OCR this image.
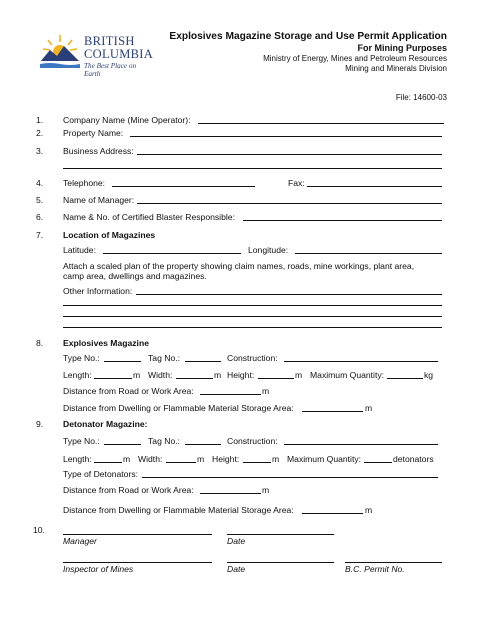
BRITISH
COLUMBIA
The Best Place on Earth
Explosives Magazine Storage and Use Permit Application
For Mining Purposes
Ministry of Energy, Mines and Petroleum Resources
Mining and Minerals Division
File: 14600-03
1. Company Name (Mine Operator):
2. Property Name:
3. Business Address:
4. Telephone:	Fax:
5. Name of Manager:
6. Name & No. of Certified Blaster Responsible:
7. Location of Magazines
Latitude:	Longitude:
Attach a scaled plan of the property showing claim names, roads, mine workings, plant area,
camp area, dwellings and magazines.
Other Information:
8. Explosives Magazine
Type No.:	Tag No.:	Construction:
Length:	m Width:	m Height:	m Maximum Quantity:	kg
Distance from Road or Work Area:	m
Distance from Dwelling or Flammable Material Storage Area:	m
9. Detonator Magazine:
Type No.:	Tag No.:	Construction:
Length:	m Width:	m Height:	m Maximum Quantity:	detonators
Type of Detonators:
Distance from Road or Work Area:	m
Distance from Dwelling or Flammable Material Storage Area:	m
10.
Manager	Date
Inspector of Mines	Date	B.C. Permit No.
